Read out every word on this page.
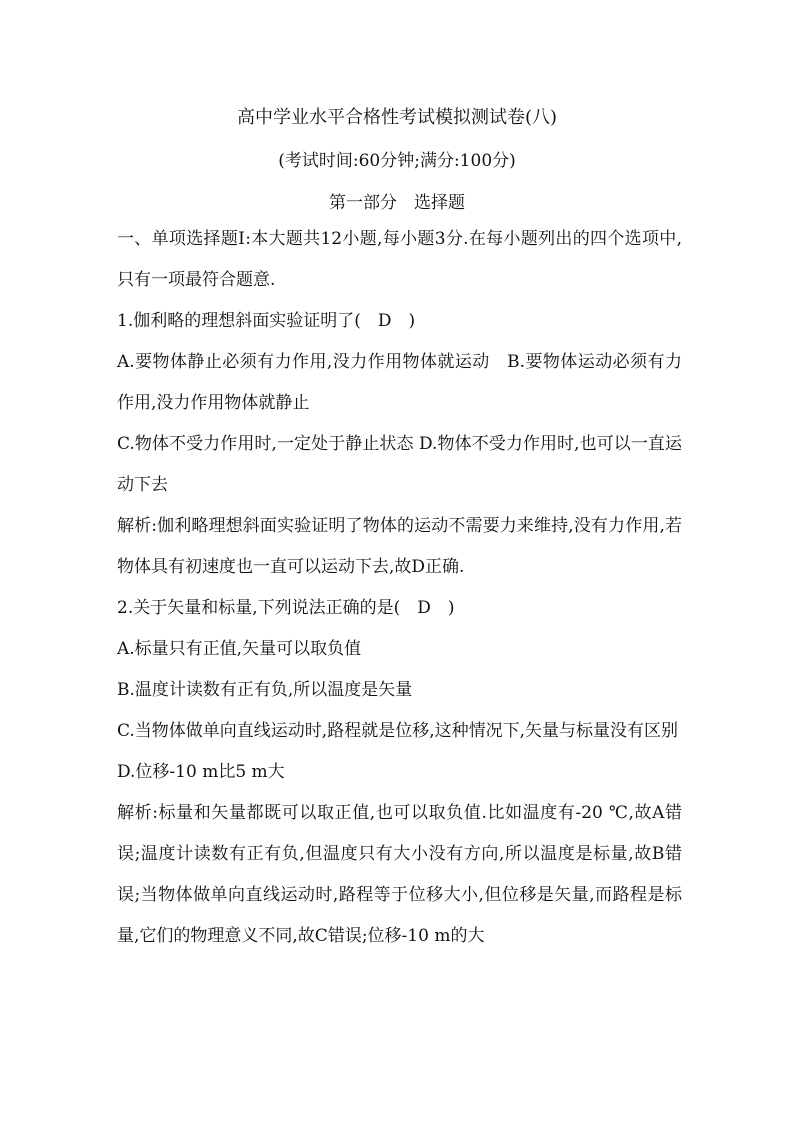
高中学业水平合格性考试模拟测试卷(八)
(考试时间:60分钟;满分:100分)
第一部分　选择题

一、单项选择题Ⅰ:本大题共12小题,每小题3分.在每小题列出的四个选项中,只有一项最符合题意.

1.伽利略的理想斜面实验证明了(　D　)

A.要物体静止必须有力作用,没力作用物体就运动　B.要物体运动必须有力作用,没力作用物体就静止

C.物体不受力作用时,一定处于静止状态 D.物体不受力作用时,也可以一直运动下去

解析:伽利略理想斜面实验证明了物体的运动不需要力来维持,没有力作用,若物体具有初速度也一直可以运动下去,故D正确.

2.关于矢量和标量,下列说法正确的是(　D　)

A.标量只有正值,矢量可以取负值

B.温度计读数有正有负,所以温度是矢量

C.当物体做单向直线运动时,路程就是位移,这种情况下,矢量与标量没有区别

D.位移-10 m比5 m大

解析:标量和矢量都既可以取正值,也可以取负值.比如温度有-20 ℃,故A错误;温度计读数有正有负,但温度只有大小没有方向,所以温度是标量,故B错误;当物体做单向直线运动时,路程等于位移大小,但位移是矢量,而路程是标量,它们的物理意义不同,故C错误;位移-10 m的大
